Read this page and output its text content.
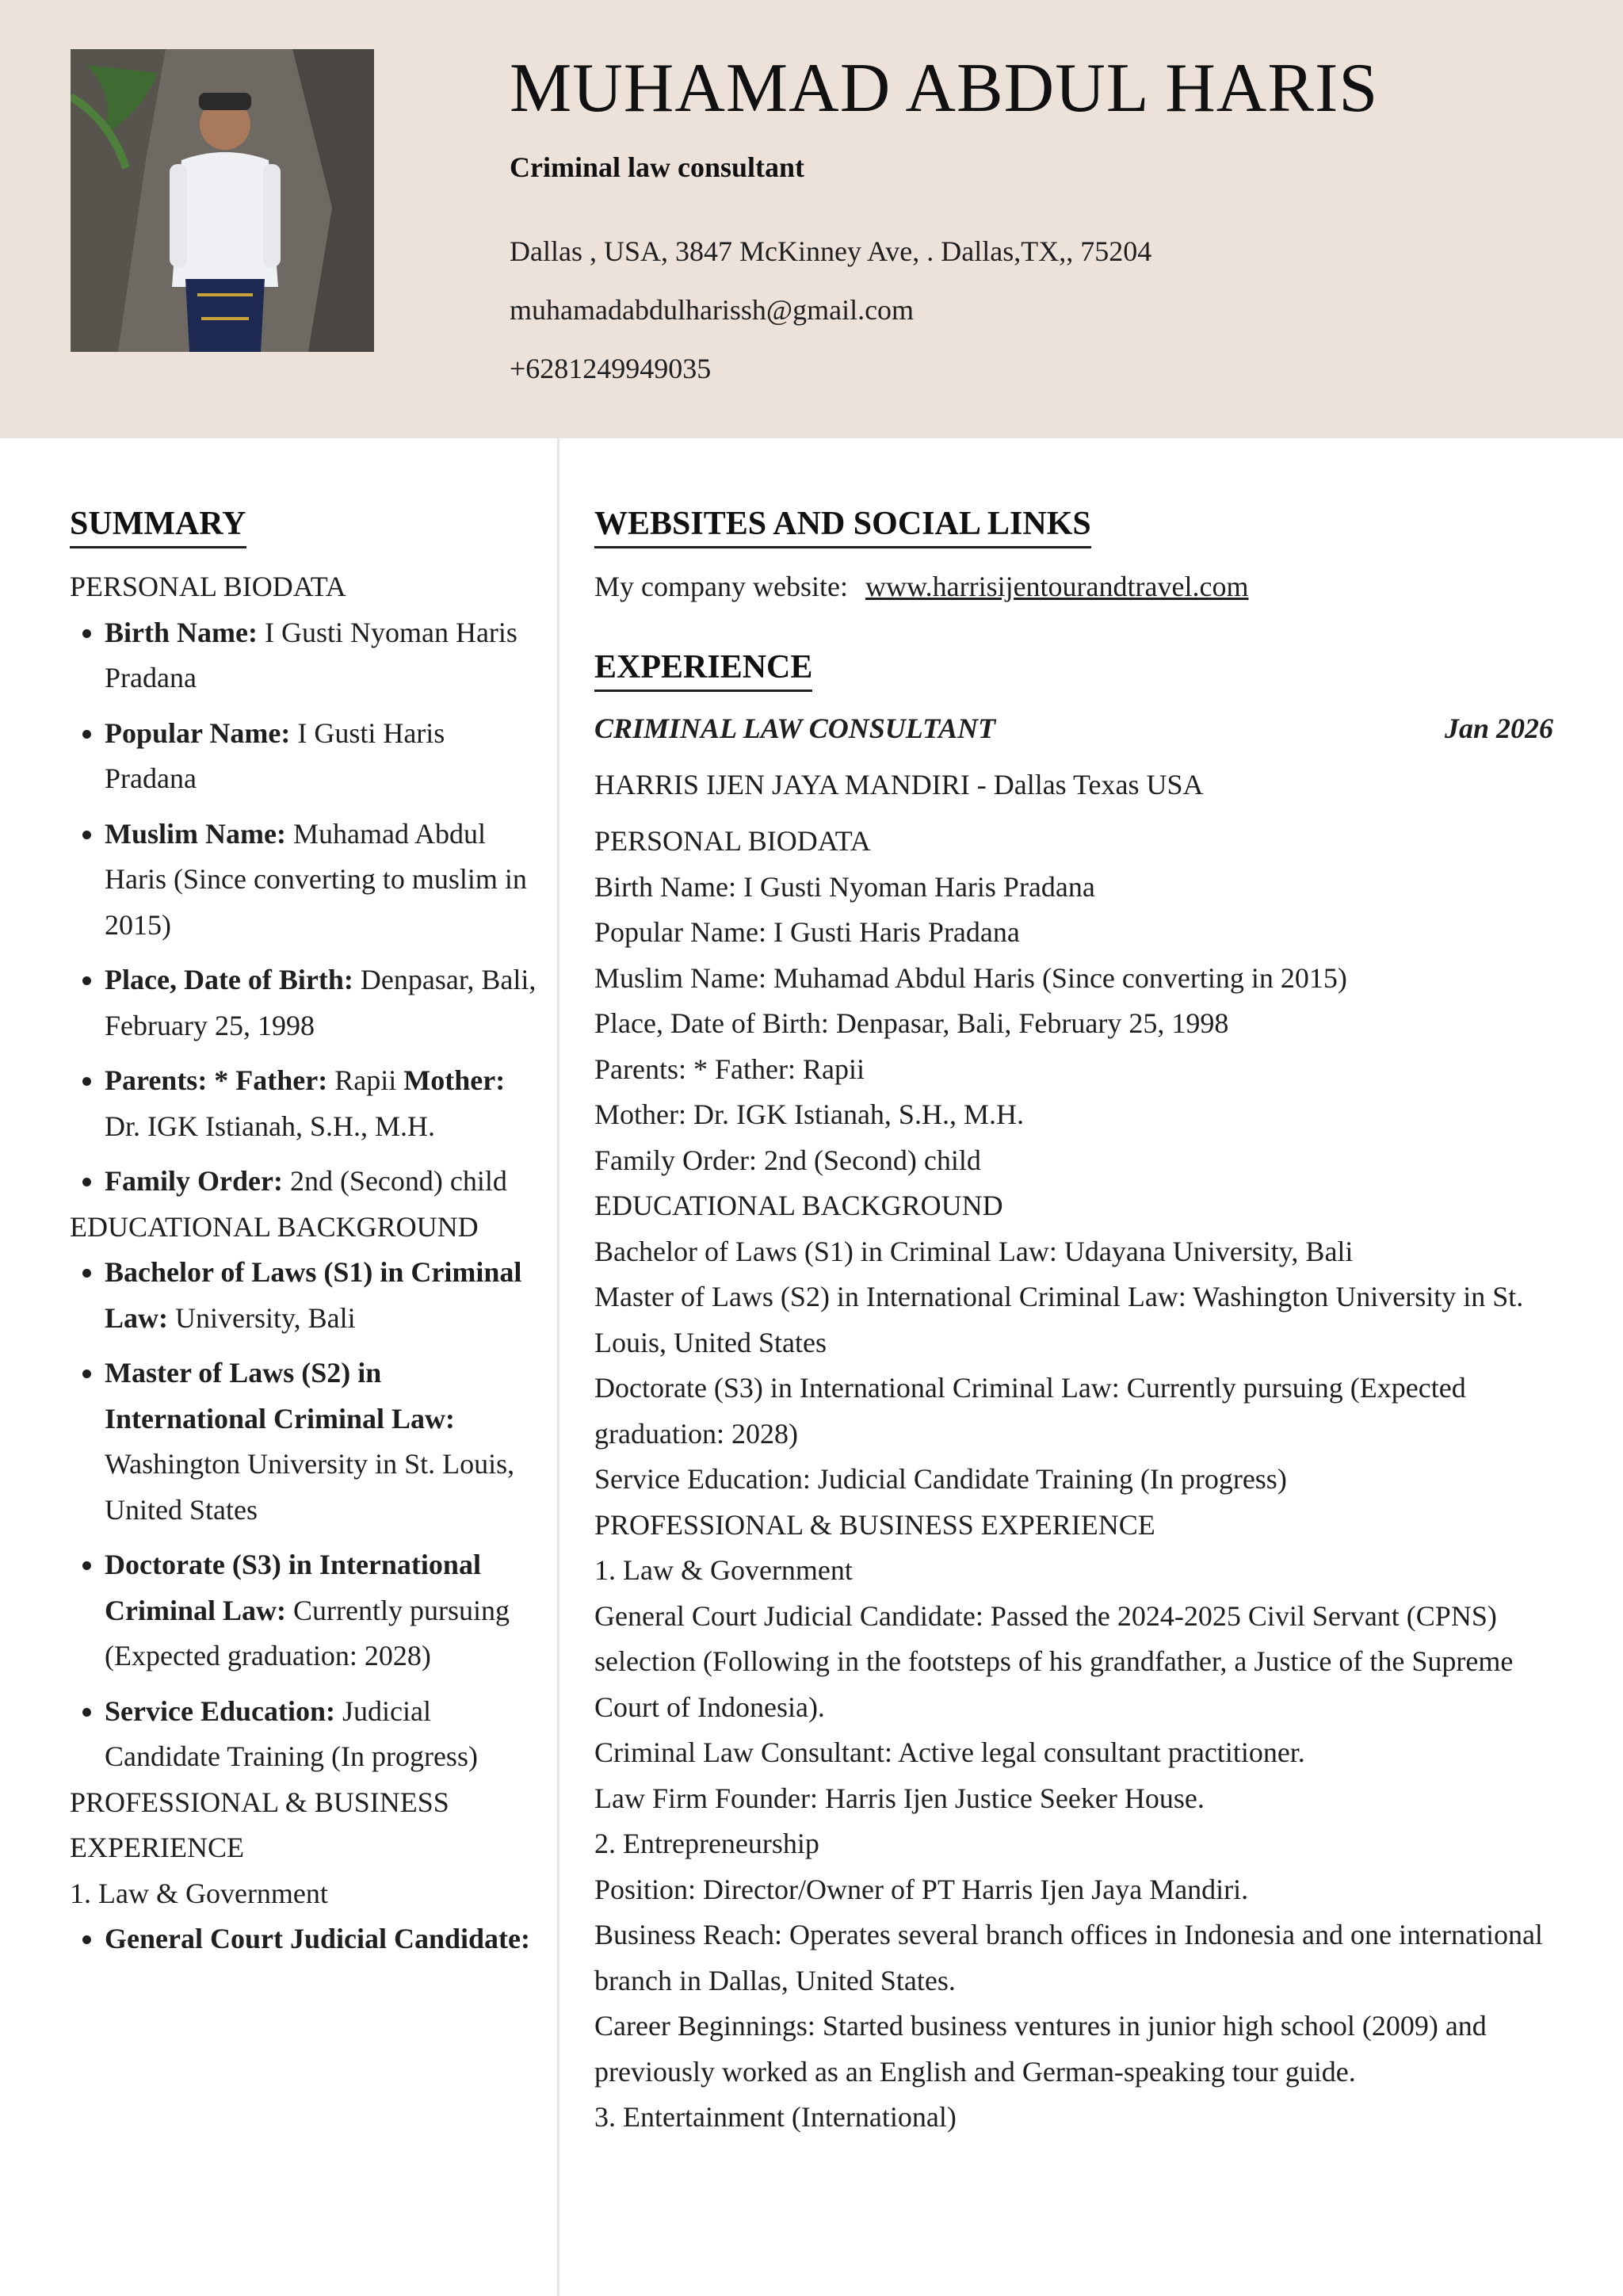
MUHAMAD ABDUL HARIS
Criminal law consultant
Dallas , USA, 3847 McKinney Ave, . Dallas,TX,, 75204
muhamadabdulharissh@gmail.com
+6281249949035
SUMMARY
PERSONAL BIODATA
• Birth Name: I Gusti Nyoman Haris Pradana
• Popular Name: I Gusti Haris Pradana
• Muslim Name: Muhamad Abdul Haris (Since converting to muslim in 2015)
• Place, Date of Birth: Denpasar, Bali, February 25, 1998
• Parents: * Father: Rapii Mother: Dr. IGK Istianah, S.H., M.H.
• Family Order: 2nd (Second) child
EDUCATIONAL BACKGROUND
• Bachelor of Laws (S1) in Criminal Law: University, Bali
• Master of Laws (S2) in International Criminal Law: Washington University in St. Louis, United States
• Doctorate (S3) in International Criminal Law: Currently pursuing (Expected graduation: 2028)
• Service Education: Judicial Candidate Training (In progress)
PROFESSIONAL & BUSINESS EXPERIENCE
1. Law & Government
• General Court Judicial Candidate:
WEBSITES AND SOCIAL LINKS
My company website: www.harrisijentourandtravel.com
EXPERIENCE
CRIMINAL LAW CONSULTANT	Jan 2026
HARRIS IJEN JAYA MANDIRI - Dallas Texas USA
PERSONAL BIODATA
Birth Name: I Gusti Nyoman Haris Pradana
Popular Name: I Gusti Haris Pradana
Muslim Name: Muhamad Abdul Haris (Since converting in 2015)
Place, Date of Birth: Denpasar, Bali, February 25, 1998
Parents: * Father: Rapii
Mother: Dr. IGK Istianah, S.H., M.H.
Family Order: 2nd (Second) child
EDUCATIONAL BACKGROUND
Bachelor of Laws (S1) in Criminal Law: Udayana University, Bali
Master of Laws (S2) in International Criminal Law: Washington University in St. Louis, United States
Doctorate (S3) in International Criminal Law: Currently pursuing (Expected graduation: 2028)
Service Education: Judicial Candidate Training (In progress)
PROFESSIONAL & BUSINESS EXPERIENCE
1. Law & Government
General Court Judicial Candidate: Passed the 2024-2025 Civil Servant (CPNS) selection (Following in the footsteps of his grandfather, a Justice of the Supreme Court of Indonesia).
Criminal Law Consultant: Active legal consultant practitioner.
Law Firm Founder: Harris Ijen Justice Seeker House.
2. Entrepreneurship
Position: Director/Owner of PT Harris Ijen Jaya Mandiri.
Business Reach: Operates several branch offices in Indonesia and one international branch in Dallas, United States.
Career Beginnings: Started business ventures in junior high school (2009) and previously worked as an English and German-speaking tour guide.
3. Entertainment (International)
